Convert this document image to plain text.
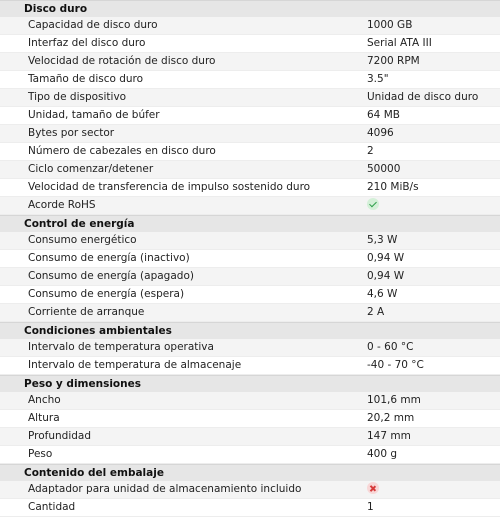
Disco duro
Capacidad de disco duro	1000 GB
Interfaz del disco duro	Serial ATA III
Velocidad de rotación de disco duro	7200 RPM
Tamaño de disco duro	3.5"
Tipo de dispositivo	Unidad de disco duro
Unidad, tamaño de búfer	64 MB
Bytes por sector	4096
Número de cabezales en disco duro	2
Ciclo comenzar/detener	50000
Velocidad de transferencia de impulso sostenido duro	210 MiB/s
Acorde RoHS
Control de energía
Consumo energético	5,3 W
Consumo de energía (inactivo)	0,94 W
Consumo de energía (apagado)	0,94 W
Consumo de energía (espera)	4,6 W
Corriente de arranque	2 A
Condiciones ambientales
Intervalo de temperatura operativa	0 - 60 °C
Intervalo de temperatura de almacenaje	-40 - 70 °C
Peso y dimensiones
Ancho	101,6 mm
Altura	20,2 mm
Profundidad	147 mm
Peso	400 g
Contenido del embalaje
Adaptador para unidad de almacenamiento incluido
Cantidad	1
